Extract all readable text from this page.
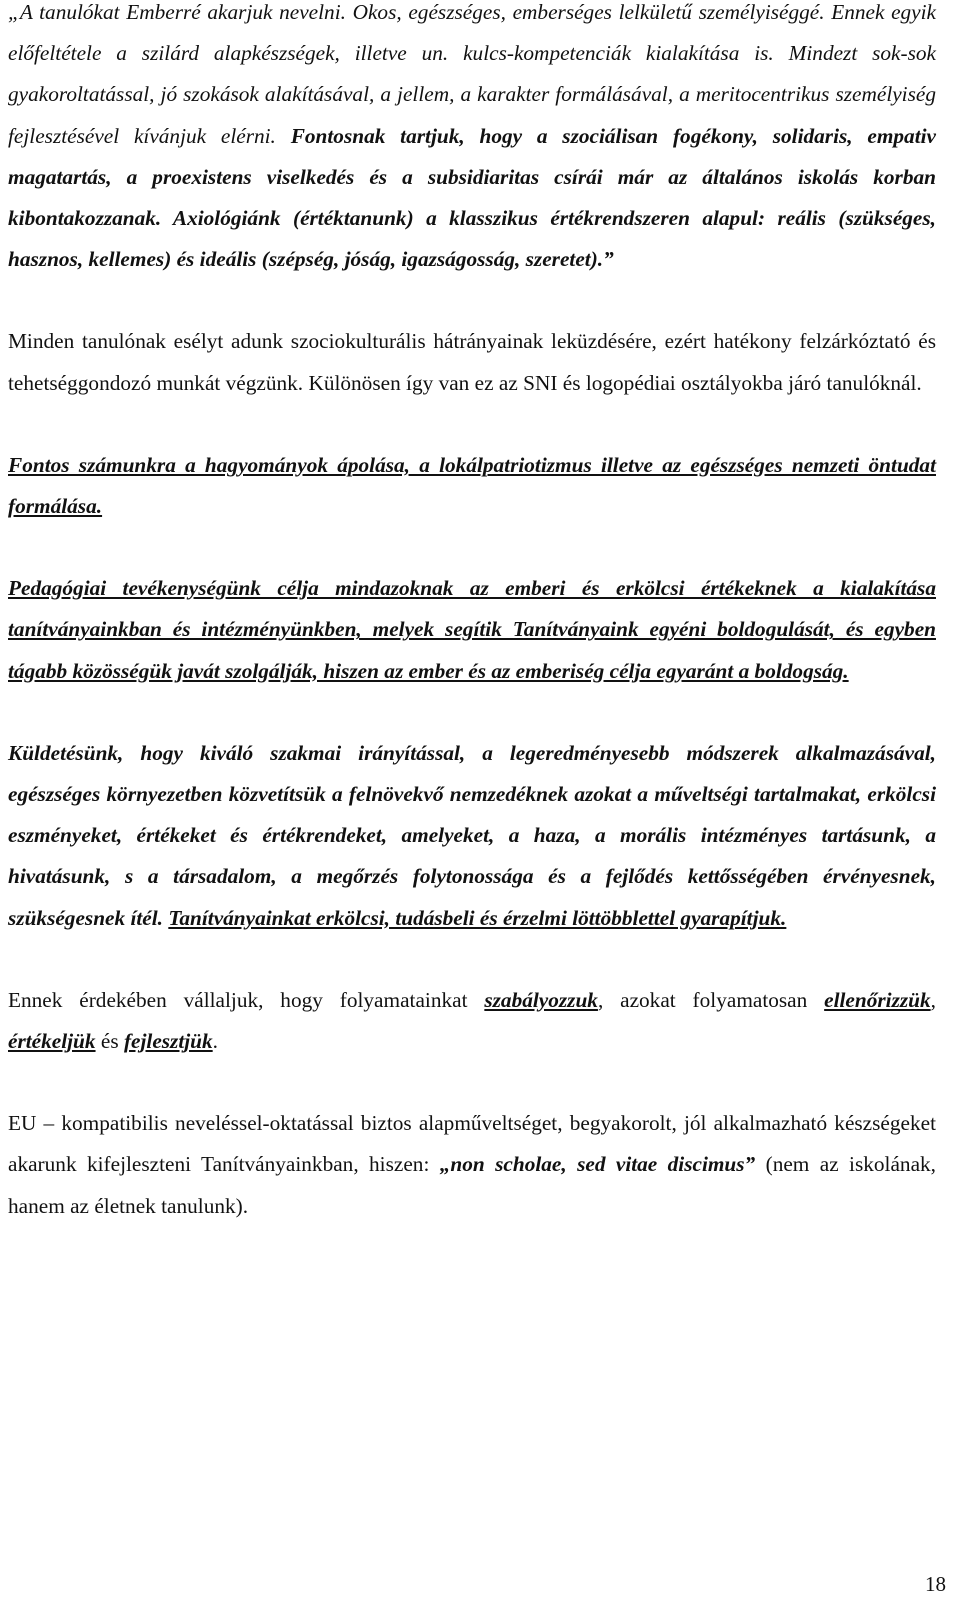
„A tanulókat Emberré akarjuk nevelni. Okos, egészséges, emberséges lelkületű személyiséggé. Ennek egyik előfeltétele a szilárd alapkészségek, illetve un. kulcs-kompetenciák kialakítása is. Mindezt sok-sok gyakoroltatással, jó szokások alakításával, a jellem, a karakter formálásával, a meritocentrikus személyiség fejlesztésével kívánjuk elérni. Fontosnak tartjuk, hogy a szociálisan fogékony, solidaris, empativ magatartás, a proexistens viselkedés és a subsidiaritas csírái már az általános iskolás korban kibontakozzanak. Axiológiánk (értéktanunk) a klasszikus értékrendszeren alapul: reális (szükséges, hasznos, kellemes) és ideális (szépség, jóság, igazságosság, szeretet).”

Minden tanulónak esélyt adunk szociokulturális hátrányainak leküzdésére, ezért hatékony felzárkóztató és tehetséggondozó munkát végzünk. Különösen így van ez az SNI és logopédiai osztályokba járó tanulóknál.

Fontos számunkra a hagyományok ápolása, a lokálpatriotizmus illetve az egészséges nemzeti öntudat formálása.

Pedagógiai tevékenységünk célja mindazoknak az emberi és erkölcsi értékeknek a kialakítása tanítványainkban és intézményünkben, melyek segítik Tanítványaink egyéni boldogulását, és egyben tágabb közösségük javát szolgálják, hiszen az ember és az emberiség célja egyaránt a boldogság.

Küldetésünk, hogy kiváló szakmai irányítással, a legeredményesebb módszerek alkalmazásával, egészséges környezetben közvetítsük a felnövekvő nemzedéknek azokat a műveltségi tartalmakat, erkölcsi eszményeket, értékeket és értékrendeket, amelyeket, a haza, a morális intézményes tartásunk, a hivatásunk, s a társadalom, a megőrzés folytonossága és a fejlődés kettősségében érvényesnek, szükségesnek ítél. Tanítványainkat erkölcsi, tudásbeli és érzelmi löttöbblettel gyarapítjuk.

Ennek érdekében vállaljuk, hogy folyamatainkat szabályozzuk, azokat folyamatosan ellenőrizzük, értékeljük és fejlesztjük.

EU – kompatibilis neveléssel-oktatással biztos alapműveltséget, begyakorolt, jól alkalmazható készségeket akarunk kifejleszteni Tanítványainkban, hiszen: „non scholae, sed vitae discimus” (nem az iskolának, hanem az életnek tanulunk).

18
